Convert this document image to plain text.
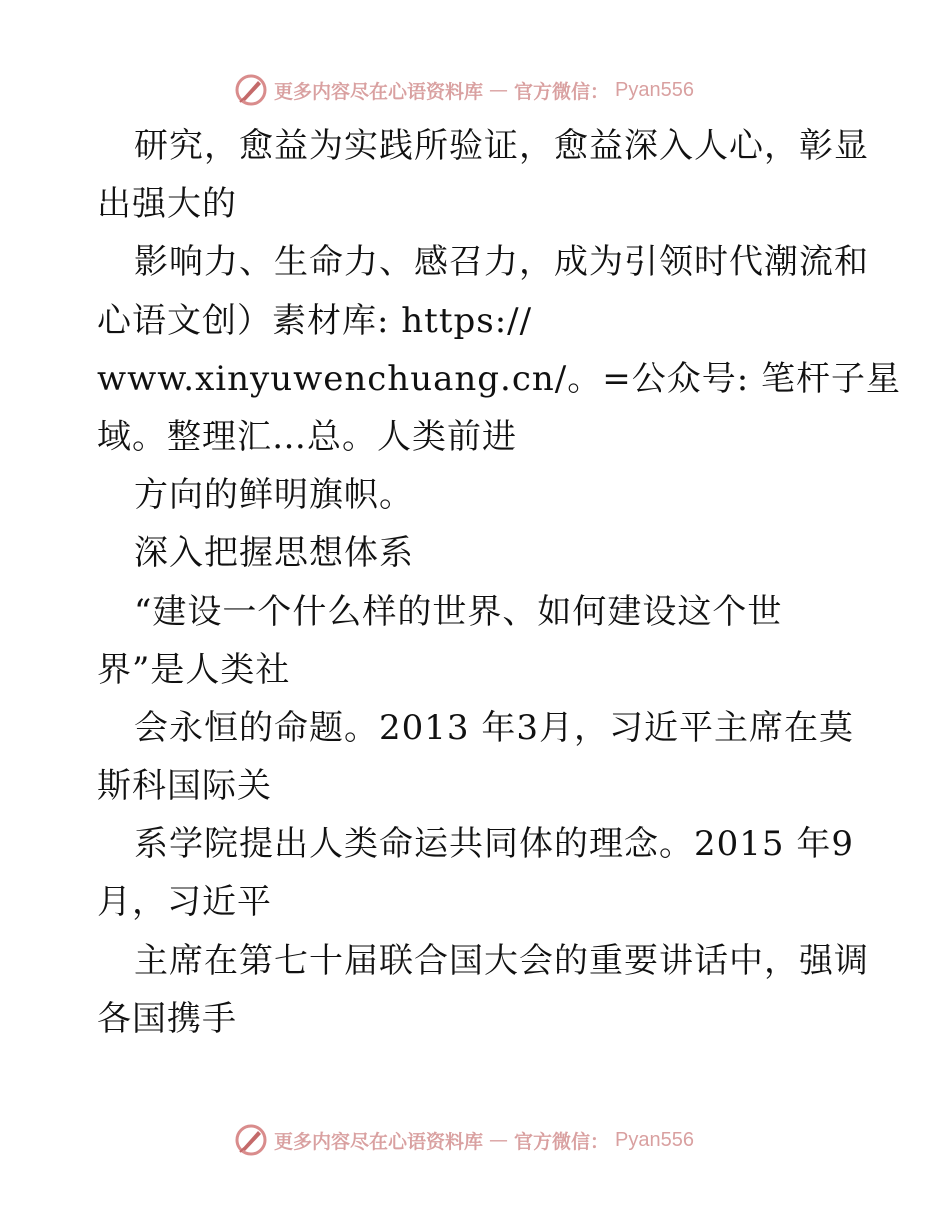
更多内容尽在心语资料库 — 官方微信： Pyan556
研究，愈益为实践所验证，愈益深入人心，彰显
出强大的
影响力、生命力、感召力，成为引领时代潮流和
心语文创）素材库: https://
www.xinyuwenchuang.cn/。=公众号: 笔杆子星
域。整理汇…总。人类前进
方向的鲜明旗帜。
深入把握思想体系
“建设一个什么样的世界、如何建设这个世
界”是人类社
会永恒的命题。2013 年3月，习近平主席在莫
斯科国际关
系学院提出人类命运共同体的理念。2015 年9
月，习近平
主席在第七十届联合国大会的重要讲话中，强调
各国携手
更多内容尽在心语资料库 — 官方微信： Pyan556
